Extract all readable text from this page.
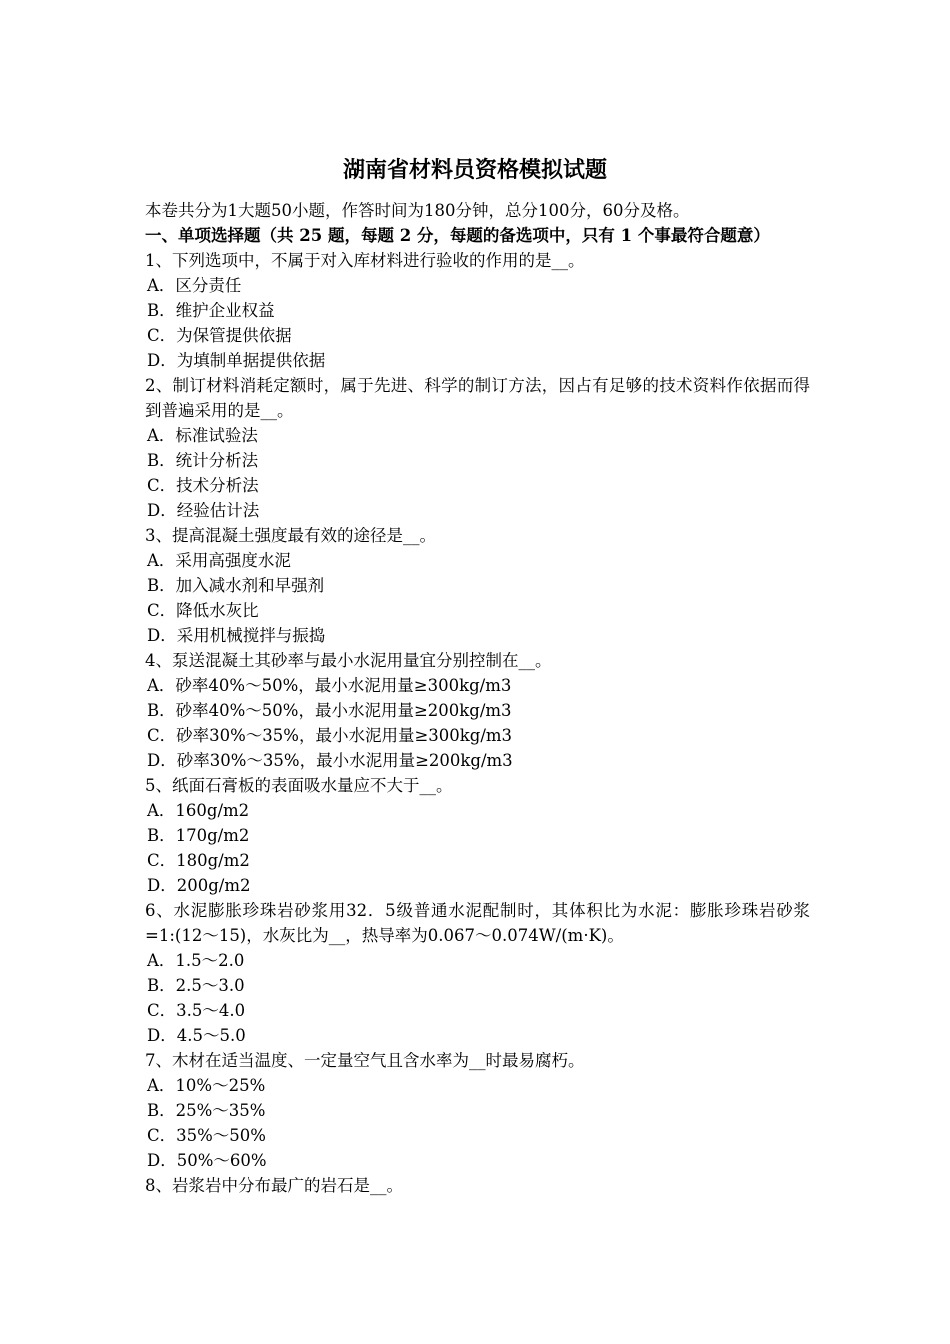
湖南省材料员资格模拟试题
本卷共分为1大题50小题，作答时间为180分钟，总分100分，60分及格。
一、单项选择题（共 25 题，每题 2 分，每题的备选项中，只有 1 个事最符合题意）
1、下列选项中，不属于对入库材料进行验收的作用的是__。
A．区分责任
B．维护企业权益
C．为保管提供依据
D．为填制单据提供依据
2、制订材料消耗定额时，属于先进、科学的制订方法，因占有足够的技术资料作依据而得到普遍采用的是__。
A．标准试验法
B．统计分析法
C．技术分析法
D．经验估计法
3、提高混凝土强度最有效的途径是__。
A．采用高强度水泥
B．加入减水剂和早强剂
C．降低水灰比
D．采用机械搅拌与振捣
4、泵送混凝土其砂率与最小水泥用量宜分别控制在__。
A．砂率40%～50%，最小水泥用量≥300kg/m3
B．砂率40%～50%，最小水泥用量≥200kg/m3
C．砂率30%～35%，最小水泥用量≥300kg/m3
D．砂率30%～35%，最小水泥用量≥200kg/m3
5、纸面石膏板的表面吸水量应不大于__。
A．160g/m2
B．170g/m2
C．180g/m2
D．200g/m2
6、水泥膨胀珍珠岩砂浆用32．5级普通水泥配制时，其体积比为水泥：膨胀珍珠岩砂浆=1:(12～15)，水灰比为__，热导率为0.067～0.074W/(m·K)。
A．1.5～2.0
B．2.5～3.0
C．3.5～4.0
D．4.5～5.0
7、木材在适当温度、一定量空气且含水率为__时最易腐朽。
A．10%～25%
B．25%～35%
C．35%～50%
D．50%～60%
8、岩浆岩中分布最广的岩石是__。
